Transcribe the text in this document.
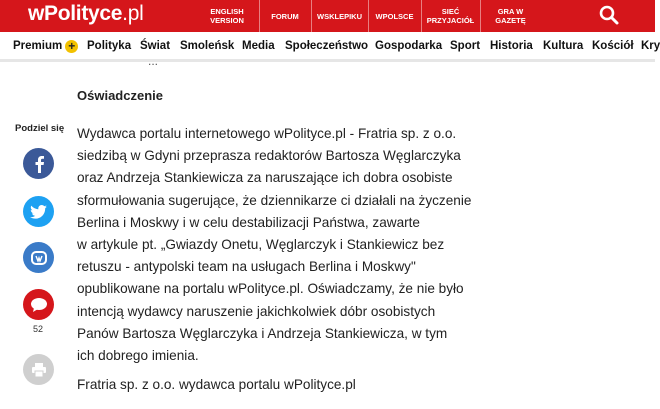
wPolityce.pl	ENGLISH
VERSION	FORUM WSKLEPIKU WPOLSCE	SIEĆ
PRZYJACIÓŁ
GRA W
GAZETĘ
Premium + Polityka Świat Smoleńsk Media Społeczeństwo Gospodarka Sport Historia Kultura Kościół Kry
Podziel się
52
...
Oświadczenie
Wydawca portalu internetowego wPolityce.pl - Fratria sp. z o.o.
siedzibą w Gdyni przeprasza redaktorów Bartosza Węglarczyka
oraz Andrzeja Stankiewicza za naruszające ich dobra osobiste
sformułowania sugerujące, że dziennikarze ci działali na życzenie
Berlina i Moskwy i w celu destabilizacji Państwa, zawarte
w artykule pt. „Gwiazdy Onetu, Węglarczyk i Stankiewicz bez
retuszu - antypolski team na usługach Berlina i Moskwy"
opublikowane na portalu wPolityce.pl. Oświadczamy, że nie było
intencją wydawcy naruszenie jakichkolwiek dóbr osobistych
Panów Bartosza Węglarczyka i Andrzeja Stankiewicza, w tym
ich dobrego imienia.
Fratria sp. z o.o. wydawca portalu wPolityce.pl
